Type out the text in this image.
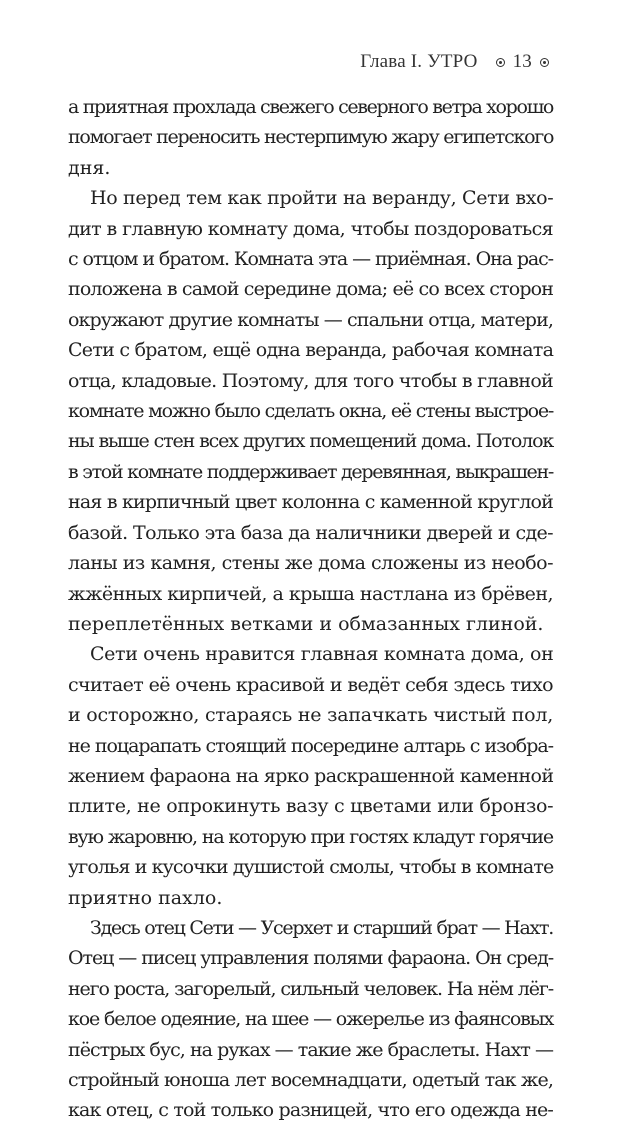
Глава I. УТРО 13

а приятная прохлада свежего северного ветра хорошо
помогает переносить нестерпимую жару египетского
дня.

Но перед тем как пройти на веранду, Сети вхо-
дит в главную комнату дома, чтобы поздороваться
с отцом и братом. Комната эта — приёмная. Она рас-
положена в самой середине дома; её со всех сторон
окружают другие комнаты — спальни отца, матери,
Сети с братом, ещё одна веранда, рабочая комната
отца, кладовые. Поэтому, для того чтобы в главной
комнате можно было сделать окна, её стены выстрое-
ны выше стен всех других помещений дома. Потолок
в этой комнате поддерживает деревянная, выкрашен-
ная в кирпичный цвет колонна с каменной круглой
базой. Только эта база да наличники дверей и сде-
ланы из камня, стены же дома сложены из необо-
жжённых кирпичей, а крыша настлана из брёвен,
переплетённых ветками и обмазанных глиной.

Сети очень нравится главная комната дома, он
считает её очень красивой и ведёт себя здесь тихо
и осторожно, стараясь не запачкать чистый пол,
не поцарапать стоящий посередине алтарь с изобра-
жением фараона на ярко раскрашенной каменной
плите, не опрокинуть вазу с цветами или бронзо-
вую жаровню, на которую при гостях кладут горячие
уголья и кусочки душистой смолы, чтобы в комнате
приятно пахло.

Здесь отец Сети — Усерхет и старший брат — Нахт.
Отец — писец управления полями фараона. Он сред-
него роста, загорелый, сильный человек. На нём лёг-
кое белое одеяние, на шее — ожерелье из фаянсовых
пёстрых бус, на руках — такие же браслеты. Нахт —
стройный юноша лет восемнадцати, одетый так же,
как отец, с той только разницей, что его одежда не-
